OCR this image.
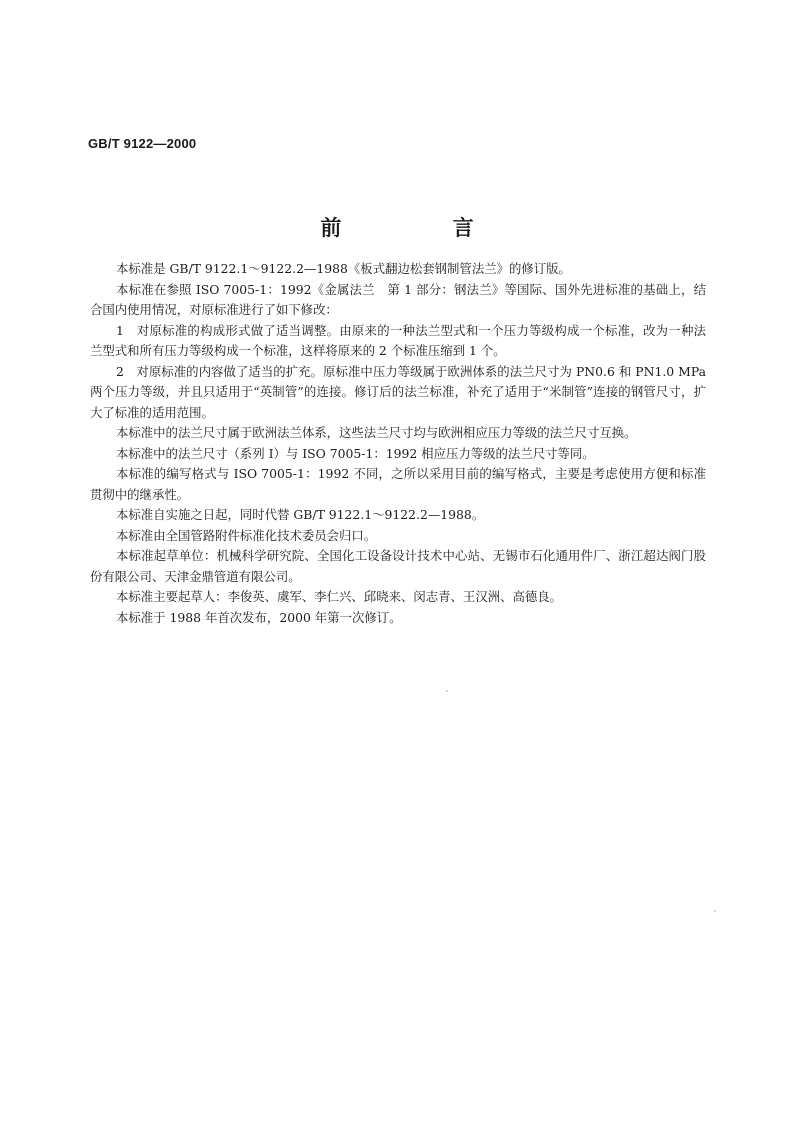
GB/T 9122—2000
前 言

本标准是 GB/T 9122.1～9122.2—1988《板式翻边松套钢制管法兰》的修订版。

本标准在参照 ISO 7005-1：1992《金属法兰　第 1 部分：钢法兰》等国际、国外先进标准的基础上，结合国内使用情况，对原标准进行了如下修改：

1　对原标准的构成形式做了适当调整。由原来的一种法兰型式和一个压力等级构成一个标准，改为一种法兰型式和所有压力等级构成一个标准，这样将原来的 2 个标准压缩到 1 个。

2　对原标准的内容做了适当的扩充。原标准中压力等级属于欧洲体系的法兰尺寸为 PN0.6 和 PN1.0 MPa 两个压力等级，并且只适用于“英制管”的连接。修订后的法兰标准，补充了适用于“米制管”连接的钢管尺寸，扩大了标准的适用范围。

本标准中的法兰尺寸属于欧洲法兰体系，这些法兰尺寸均与欧洲相应压力等级的法兰尺寸互换。

本标准中的法兰尺寸（系列 Ⅰ）与 ISO 7005-1：1992 相应压力等级的法兰尺寸等同。

本标准的编写格式与 ISO 7005-1：1992 不同，之所以采用目前的编写格式，主要是考虑使用方便和标准贯彻中的继承性。

本标准自实施之日起，同时代替 GB/T 9122.1～9122.2—1988。

本标准由全国管路附件标准化技术委员会归口。

本标准起草单位：机械科学研究院、全国化工设备设计技术中心站、无锡市石化通用件厂、浙江超达阀门股份有限公司、天津金鼎管道有限公司。

本标准主要起草人：李俊英、虞军、李仁兴、邱晓来、闵志青、王汉洲、高德良。

本标准于 1988 年首次发布，2000 年第一次修订。
